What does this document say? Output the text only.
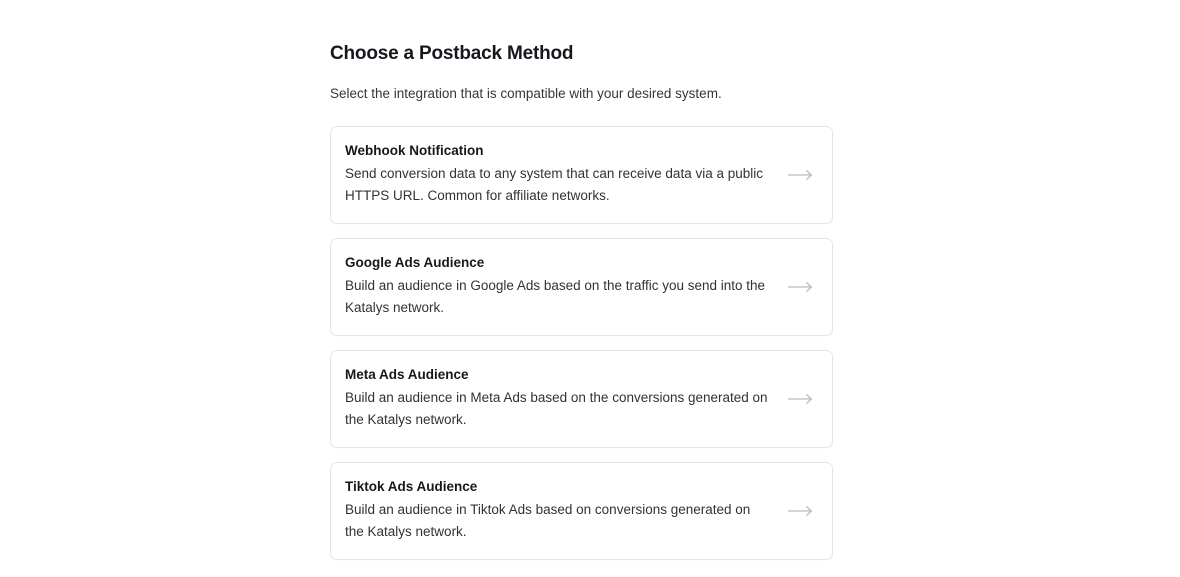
Choose a Postback Method

Select the integration that is compatible with your desired system.

Webhook Notification
Send conversion data to any system that can receive data via a public HTTPS URL. Common for affiliate networks.
Google Ads Audience
Build an audience in Google Ads based on the traffic you send into the Katalys network.
Meta Ads Audience
Build an audience in Meta Ads based on the conversions generated on the Katalys network.
Tiktok Ads Audience
Build an audience in Tiktok Ads based on conversions generated on the Katalys network.
